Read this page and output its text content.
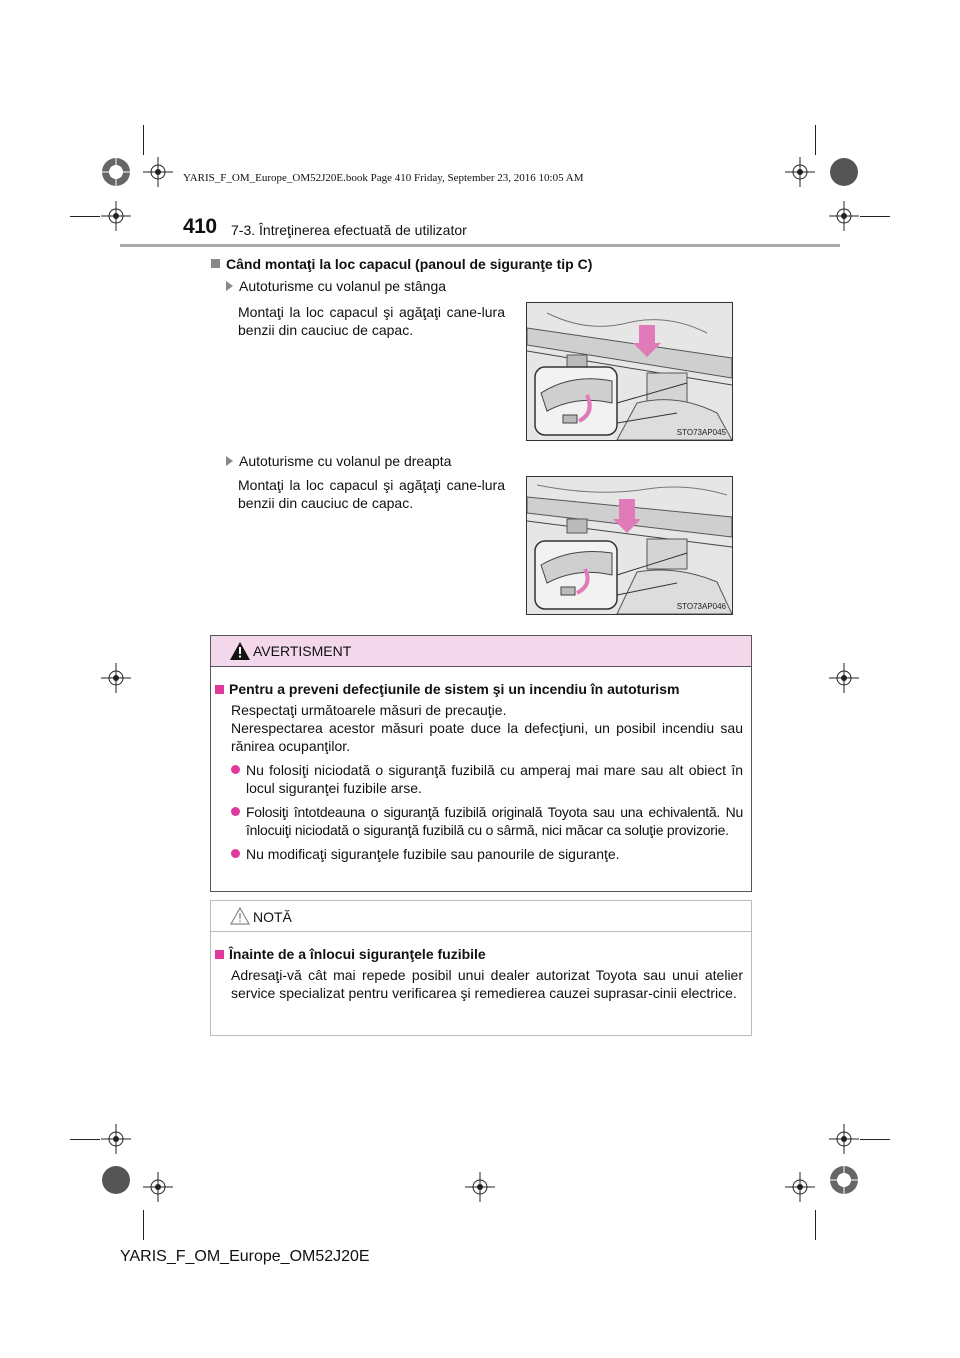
YARIS_F_OM_Europe_OM52J20E.book Page 410 Friday, September 23, 2016 10:05 AM
410 7-3. Întreţinerea efectuată de utilizator
Când montaţi la loc capacul (panoul de siguranţe tip C)
Autoturisme cu volanul pe stânga
Montaţi la loc capacul şi agăţaţi cane-lura benzii din cauciuc de capac.
STO73AP045
Autoturisme cu volanul pe dreapta
Montaţi la loc capacul şi agăţaţi cane-lura benzii din cauciuc de capac.
STO73AP046
AVERTISMENT
Pentru a preveni defecţiunile de sistem şi un incendiu în autoturism
Respectaţi următoarele măsuri de precauţie.
Nerespectarea acestor măsuri poate duce la defecţiuni, un posibil incendiu sau rănirea ocupanţilor.
Nu folosiţi niciodată o siguranţă fuzibilă cu amperaj mai mare sau alt obiect în locul siguranţei fuzibile arse.
Folosiţi întotdeauna o siguranţă fuzibilă originală Toyota sau una echivalentă. Nu înlocuiţi niciodată o siguranţă fuzibilă cu o sârmă, nici măcar ca soluţie provizorie.
Nu modificaţi siguranţele fuzibile sau panourile de siguranţe.
NOTĂ
Înainte de a înlocui siguranţele fuzibile
Adresaţi-vă cât mai repede posibil unui dealer autorizat Toyota sau unui atelier service specializat pentru verificarea şi remedierea cauzei suprasar-cinii electrice.
YARIS_F_OM_Europe_OM52J20E
